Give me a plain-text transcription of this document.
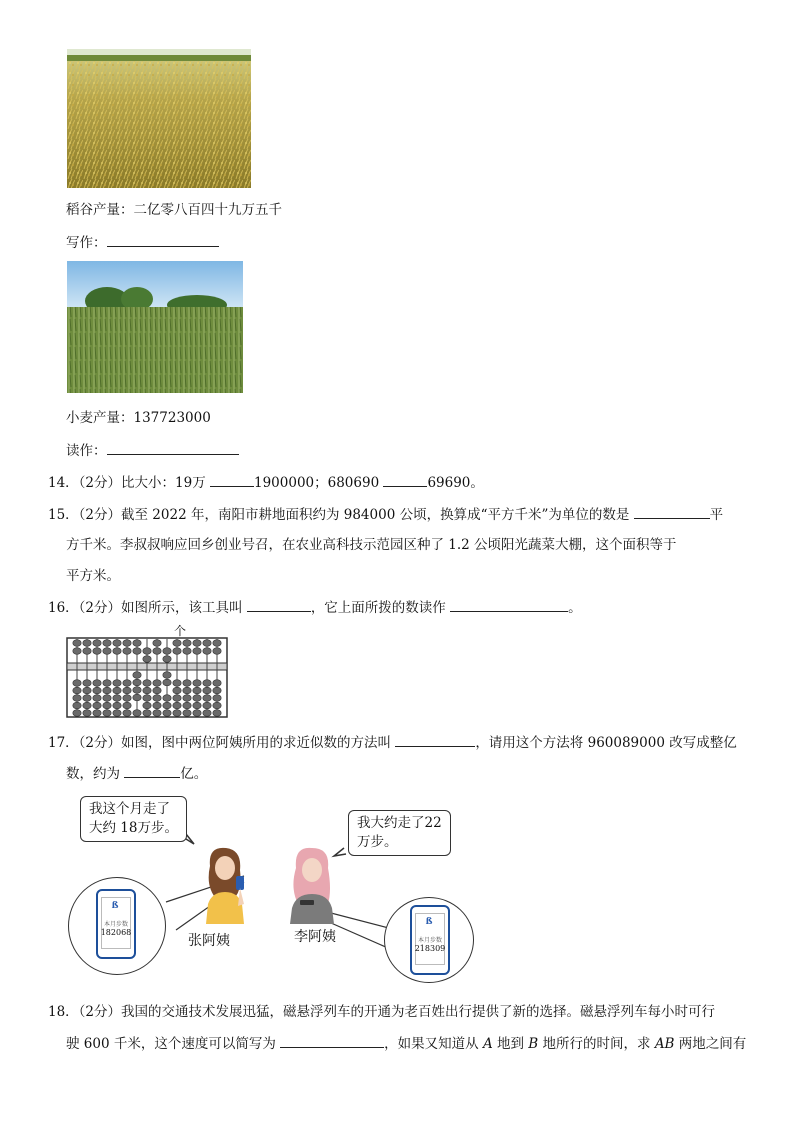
稻谷产量：二亿零八百四十九万五千
写作：
小麦产量：137723000
读作：
14．（2分）比大小：19万	1900000；680690	69690。
15．（2分）截至 2022 年，南阳市耕地面积约为 984000 公顷，换算成“平方千米”为单位的数是	平
方千米。李叔叔响应回乡创业号召，在农业高科技示范园区种了 1.2 公顷阳光蔬菜大棚，这个面积等于
平方米。
16．（2分）如图所示，该工具叫	，它上面所拨的数读作	。
个
17．（2分）如图，图中两位阿姨所用的求近似数的方法叫	，请用这个方法将 960089000 改写成整亿
数，约为	亿。
我这个月走了
大约 18万步。	我大约走了22
万步。
ß
本月步数
182068
张阿姨	李阿姨
ß
本月步数
218309
18．（2分）我国的交通技术发展迅猛，磁悬浮列车的开通为老百姓出行提供了新的选择。磁悬浮列车每小时可行
驶 600 千米，这个速度可以简写为	，如果又知道从 A 地到 B 地所行的时间，求 AB 两地之间有
